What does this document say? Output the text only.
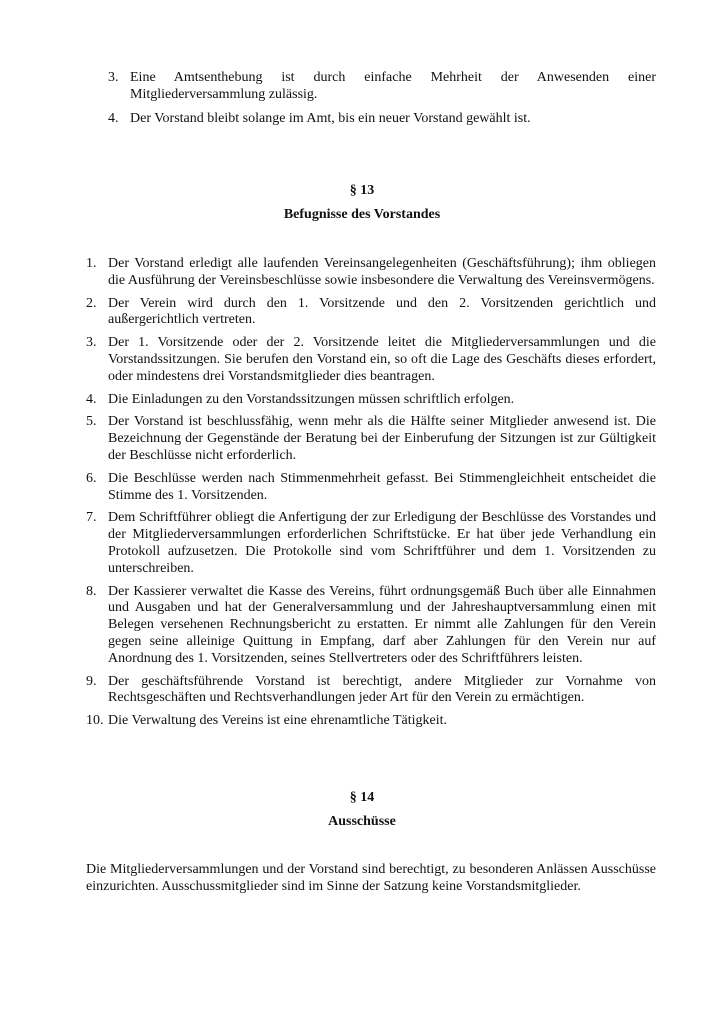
3. Eine Amtsenthebung ist durch einfache Mehrheit der Anwesenden einer Mitgliederversammlung zulässig.
4. Der Vorstand bleibt solange im Amt, bis ein neuer Vorstand gewählt ist.
§ 13
Befugnisse des Vorstandes
1. Der Vorstand erledigt alle laufenden Vereinsangelegenheiten (Geschäftsführung); ihm obliegen die Ausführung der Vereinsbeschlüsse sowie insbesondere die Verwaltung des Vereinsvermögens.
2. Der Verein wird durch den 1. Vorsitzende und den 2. Vorsitzenden gerichtlich und außergerichtlich vertreten.
3. Der 1. Vorsitzende oder der 2. Vorsitzende leitet die Mitgliederversammlungen und die Vorstandssitzungen. Sie berufen den Vorstand ein, so oft die Lage des Geschäfts dieses erfordert, oder mindestens drei Vorstandsmitglieder dies beantragen.
4. Die Einladungen zu den Vorstandssitzungen müssen schriftlich erfolgen.
5. Der Vorstand ist beschlussfähig, wenn mehr als die Hälfte seiner Mitglieder anwesend ist. Die Bezeichnung der Gegenstände der Beratung bei der Einberufung der Sitzungen ist zur Gültigkeit der Beschlüsse nicht erforderlich.
6. Die Beschlüsse werden nach Stimmenmehrheit gefasst. Bei Stimmengleichheit entscheidet die Stimme des 1. Vorsitzenden.
7. Dem Schriftführer obliegt die Anfertigung der zur Erledigung der Beschlüsse des Vorstandes und der Mitgliederversammlungen erforderlichen Schriftstücke. Er hat über jede Verhandlung ein Protokoll aufzusetzen. Die Protokolle sind vom Schriftführer und dem 1. Vorsitzenden zu unterschreiben.
8. Der Kassierer verwaltet die Kasse des Vereins, führt ordnungsgemäß Buch über alle Einnahmen und Ausgaben und hat der Generalversammlung und der Jahreshauptversammlung einen mit Belegen versehenen Rechnungsbericht zu erstatten. Er nimmt alle Zahlungen für den Verein gegen seine alleinige Quittung in Empfang, darf aber Zahlungen für den Verein nur auf Anordnung des 1. Vorsitzenden, seines Stellvertreters oder des Schriftführers leisten.
9. Der geschäftsführende Vorstand ist berechtigt, andere Mitglieder zur Vornahme von Rechtsgeschäften und Rechtsverhandlungen jeder Art für den Verein zu ermächtigen.
10. Die Verwaltung des Vereins ist eine ehrenamtliche Tätigkeit.
§ 14
Ausschüsse

Die Mitgliederversammlungen und der Vorstand sind berechtigt, zu besonderen Anlässen Ausschüsse einzurichten. Ausschussmitglieder sind im Sinne der Satzung keine Vorstandsmitglieder.
